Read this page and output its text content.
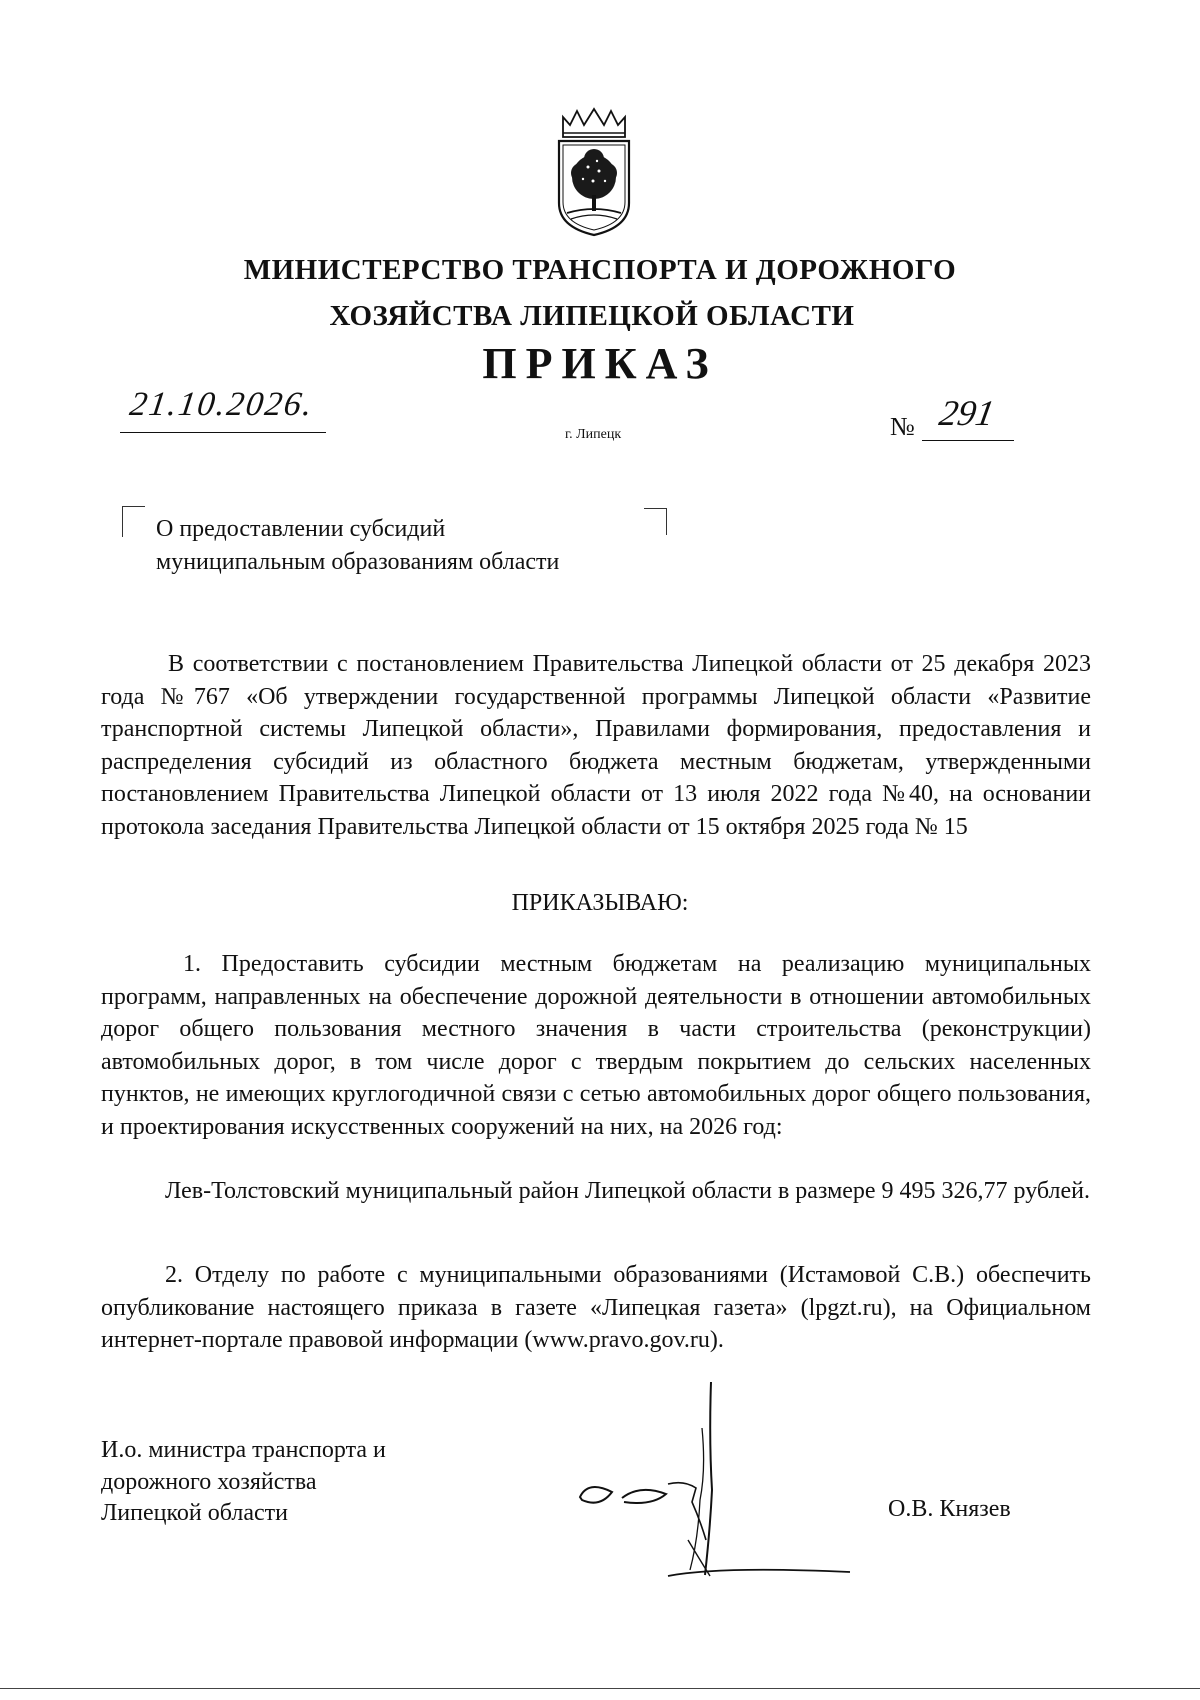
МИНИСТЕРСТВО ТРАНСПОРТА И ДОРОЖНОГО
ХОЗЯЙСТВА ЛИПЕЦКОЙ ОБЛАСТИ
ПРИКАЗ
21.10.2026.
г. Липецк	№ 291
О предоставлении субсидий
муниципальным образованиям области
В соответствии с постановлением Правительства Липецкой области от 25 декабря 2023 года №767 «Об утверждении государственной программы Липецкой области «Развитие транспортной системы Липецкой области», Правилами формирования, предоставления и распределения субсидий из областного бюджета местным бюджетам, утвержденными постановлением Правительства Липецкой области от 13 июля 2022 года №40, на основании протокола заседания Правительства Липецкой области от 15 октября 2025 года № 15
ПРИКАЗЫВАЮ:
1. Предоставить субсидии местным бюджетам на реализацию муниципальных программ, направленных на обеспечение дорожной деятельности в отношении автомобильных дорог общего пользования местного значения в части строительства (реконструкции) автомобильных дорог, в том числе дорог с твердым покрытием до сельских населенных пунктов, не имеющих круглогодичной связи с сетью автомобильных дорог общего пользования, и проектирования искусственных сооружений на них, на 2026 год:
Лев-Толстовский муниципальный район Липецкой области в размере 9 495 326,77 рублей.
2. Отделу по работе с муниципальными образованиями (Истамовой С.В.) обеспечить опубликование настоящего приказа в газете «Липецкая газета» (lpgzt.ru), на Официальном интернет-портале правовой информации (www.pravo.gov.ru).
И.о. министра транспорта и
дорожного хозяйства
Липецкой области	О.В. Князев
